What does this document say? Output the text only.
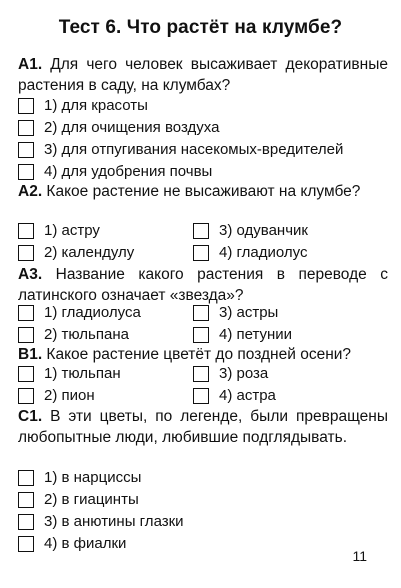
Тест 6. Что растёт на клумбе?
А1. Для чего человек высаживает декоративные растения в саду, на клумбах?
1) для красоты
2) для очищения воздуха
3) для отпугивания насекомых-вредителей
4) для удобрения почвы
А2. Какое растение не высаживают на клумбе?
1) астру
2) календулу
3) одуванчик
4) гладиолус
А3. Название какого растения в переводе с латинского означает «звезда»?
1) гладиолуса
2) тюльпана
3) астры
4) петунии
В1. Какое растение цветёт до поздней осени?
1) тюльпан
2) пион
3) роза
4) астра
С1. В эти цветы, по легенде, были превращены любопытные люди, любившие подглядывать.
1) в нарциссы
2) в гиацинты
3) в анютины глазки
4) в фиалки
11
